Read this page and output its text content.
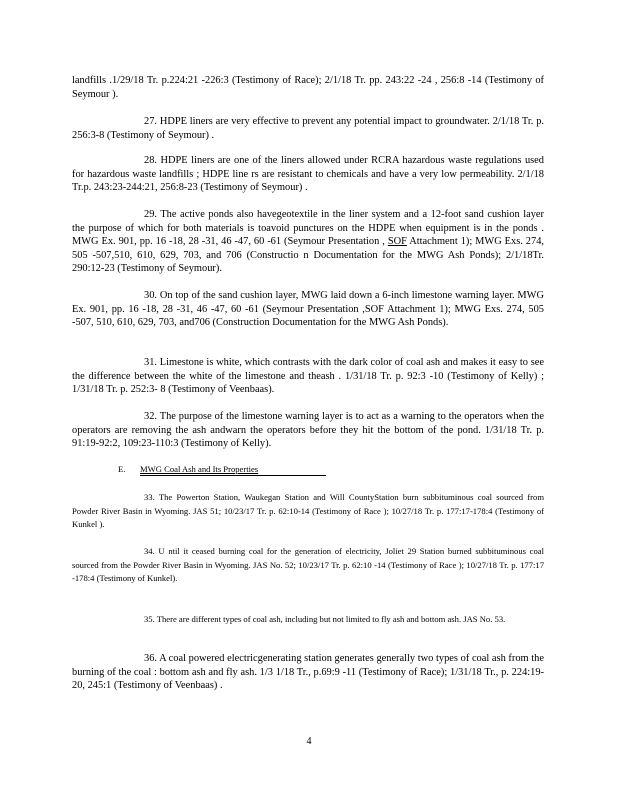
landfills .1/29/18 Tr. p.224:21 -226:3 (Testimony of Race); 2/1/18 Tr. pp. 243:22 -24 , 256:8 -14 (Testimony of Seymour ).

27. HDPE liners are very effective to prevent any potential impact to groundwater. 2/1/18 Tr. p. 256:3-8 (Testimony of Seymour) .

28. HDPE liners are one of the liners allowed under RCRA hazardous waste regulations used for hazardous waste landfills ; HDPE line rs are resistant to chemicals and have a very low permeability. 2/1/18 Tr.p. 243:23-244:21, 256:8-23 (Testimony of Seymour) .

29. The active ponds also havegeotextile in the liner system and a 12-foot sand cushion layer the purpose of which for both materials is toavoid punctures on the HDPE when equipment is in the ponds . MWG Ex. 901, pp. 16 -18, 28 -31, 46 -47, 60 -61 (Seymour Presentation , SOF Attachment 1); MWG Exs. 274, 505 -507,510, 610, 629, 703, and 706 (Constructio n Documentation for the MWG Ash Ponds); 2/1/18Tr. 290:12-23 (Testimony of Seymour).

30. On top of the sand cushion layer, MWG laid down a 6-inch limestone warning layer. MWG Ex. 901, pp. 16 -18, 28 -31, 46 -47, 60 -61 (Seymour Presentation ,SOF Attachment 1); MWG Exs. 274, 505 -507, 510, 610, 629, 703, and706 (Construction Documentation for the MWG Ash Ponds).

31. Limestone is white, which contrasts with the dark color of coal ash and makes it easy to see the difference between the white of the limestone and theash . 1/31/18 Tr. p. 92:3 -10 (Testimony of Kelly) ; 1/31/18 Tr. p. 252:3- 8 (Testimony of Veenbaas).

32. The purpose of the limestone warning layer is to act as a warning to the operators when the operators are removing the ash andwarn the operators before they hit the bottom of the pond. 1/31/18 Tr. p. 91:19-92:2, 109:23-110:3 (Testimony of Kelly).

E. MWG Coal Ash and Its Properties

33. The Powerton Station, Waukegan Station and Will CountyStation burn subbituminous coal sourced from Powder River Basin in Wyoming. JAS 51; 10/23/17 Tr. p. 62:10-14 (Testimony of Race ); 10/27/18 Tr. p. 177:17-178:4 (Testimony of Kunkel ).

34. U ntil it ceased burning coal for the generation of electricity, Joliet 29 Station burned subbituminous coal sourced from the Powder River Basin in Wyoming. JAS No. 52; 10/23/17 Tr. p. 62:10 -14 (Testimony of Race ); 10/27/18 Tr. p. 177:17 -178:4 (Testimony of Kunkel).

35. There are different types of coal ash, including but not limited to fly ash and bottom ash. JAS No. 53.

36. A coal powered electricgenerating station generates generally two types of coal ash from the burning of the coal : bottom ash and fly ash. 1/3 1/18 Tr., p.69:9 -11 (Testimony of Race); 1/31/18 Tr., p. 224:19-20, 245:1 (Testimony of Veenbaas) .

4
